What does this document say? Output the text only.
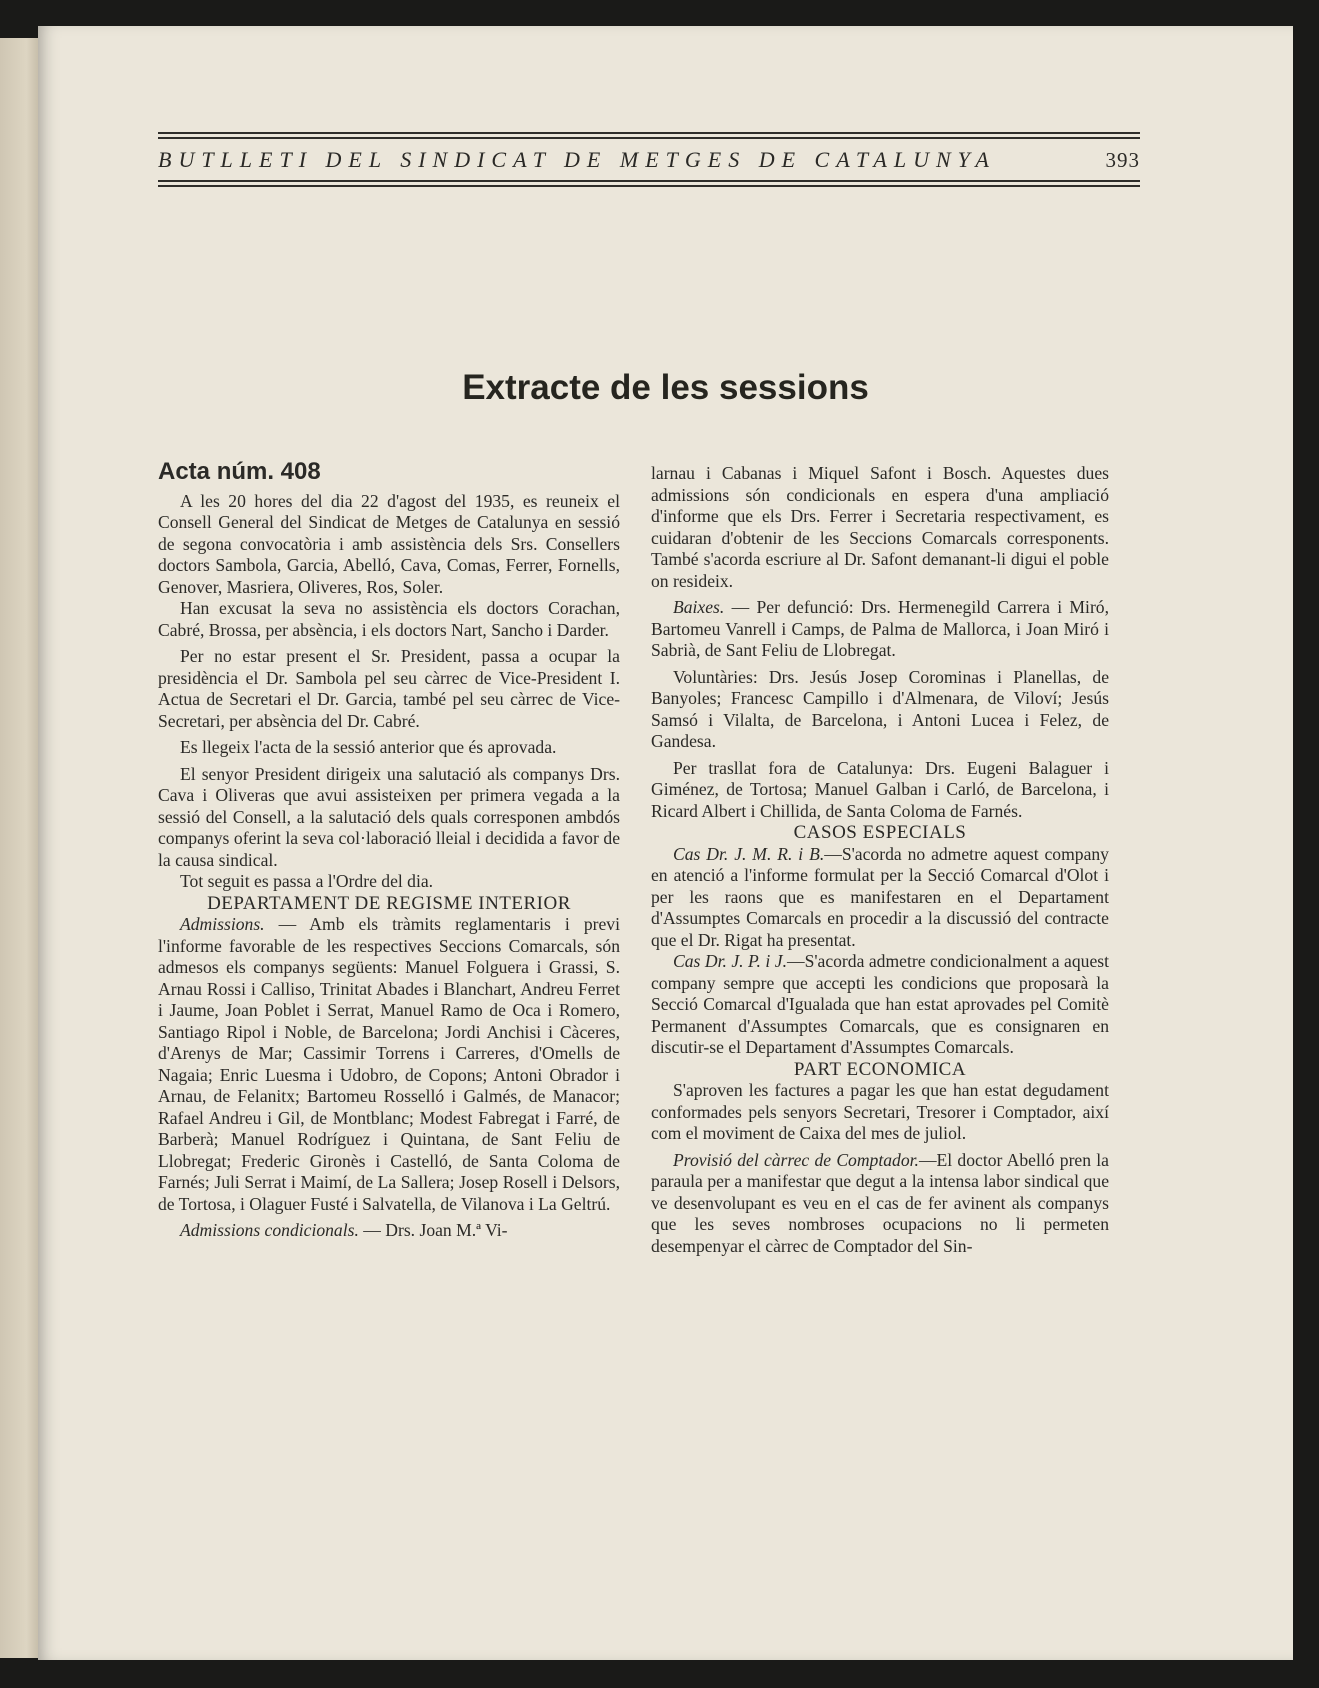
BUTLLETI DEL SINDICAT DE METGES DE CATALUNYA	393
Extracte de les sessions
Acta núm. 408

A les 20 hores del dia 22 d'agost del 1935, es reuneix el Consell General del Sindicat de Metges de Catalunya en sessió de segona convocatòria i amb assistència dels Srs. Consellers doctors Sambola, Garcia, Abelló, Cava, Comas, Ferrer, Fornells, Genover, Masriera, Oliveres, Ros, Soler.

Han excusat la seva no assistència els doctors Corachan, Cabré, Brossa, per absència, i els doctors Nart, Sancho i Darder.

Per no estar present el Sr. President, passa a ocupar la presidència el Dr. Sambola pel seu càrrec de Vice-President I. Actua de Secretari el Dr. Garcia, també pel seu càrrec de Vice-Secretari, per absència del Dr. Cabré.

Es llegeix l'acta de la sessió anterior que és aprovada.

El senyor President dirigeix una salutació als companys Drs. Cava i Oliveras que avui assisteixen per primera vegada a la sessió del Consell, a la salutació dels quals corresponen ambdós companys oferint la seva col·laboració lleial i decidida a favor de la causa sindical.

Tot seguit es passa a l'Ordre del dia.

DEPARTAMENT DE REGISME INTERIOR

Admissions. — Amb els tràmits reglamentaris i previ l'informe favorable de les respectives Seccions Comarcals, són admesos els companys següents: Manuel Folguera i Grassi, S. Arnau Rossi i Calliso, Trinitat Abades i Blanchart, Andreu Ferret i Jaume, Joan Poblet i Serrat, Manuel Ramo de Oca i Romero, Santiago Ripol i Noble, de Barcelona; Jordi Anchisi i Càceres, d'Arenys de Mar; Cassimir Torrens i Carreres, d'Omells de Nagaia; Enric Luesma i Udobro, de Copons; Antoni Obrador i Arnau, de Felanitx; Bartomeu Rosselló i Galmés, de Manacor; Rafael Andreu i Gil, de Montblanc; Modest Fabregat i Farré, de Barberà; Manuel Rodríguez i Quintana, de Sant Feliu de Llobregat; Frederic Gironès i Castelló, de Santa Coloma de Farnés; Juli Serrat i Maimí, de La Sallera; Josep Rosell i Delsors, de Tortosa, i Olaguer Fusté i Salvatella, de Vilanova i La Geltrú.

Admissions condicionals. — Drs. Joan M.ª Vi-

larnau i Cabanas i Miquel Safont i Bosch. Aquestes dues admissions són condicionals en espera d'una ampliació d'informe que els Drs. Ferrer i Secretaria respectivament, es cuidaran d'obtenir de les Seccions Comarcals corresponents. També s'acorda escriure al Dr. Safont demanant-li digui el poble on resideix.

Baixes. — Per defunció: Drs. Hermenegild Carrera i Miró, Bartomeu Vanrell i Camps, de Palma de Mallorca, i Joan Miró i Sabrià, de Sant Feliu de Llobregat.

Voluntàries: Drs. Jesús Josep Corominas i Planellas, de Banyoles; Francesc Campillo i d'Almenara, de Viloví; Jesús Samsó i Vilalta, de Barcelona, i Antoni Lucea i Felez, de Gandesa.

Per trasllat fora de Catalunya: Drs. Eugeni Balaguer i Giménez, de Tortosa; Manuel Galban i Carló, de Barcelona, i Ricard Albert i Chillida, de Santa Coloma de Farnés.

CASOS ESPECIALS

Cas Dr. J. M. R. i B.—S'acorda no admetre aquest company en atenció a l'informe formulat per la Secció Comarcal d'Olot i per les raons que es manifestaren en el Departament d'Assumptes Comarcals en procedir a la discussió del contracte que el Dr. Rigat ha presentat.

Cas Dr. J. P. i J.—S'acorda admetre condicionalment a aquest company sempre que accepti les condicions que proposarà la Secció Comarcal d'Igualada que han estat aprovades pel Comitè Permanent d'Assumptes Comarcals, que es consignaren en discutir-se el Departament d'Assumptes Comarcals.

PART ECONOMICA

S'aproven les factures a pagar les que han estat degudament conformades pels senyors Secretari, Tresorer i Comptador, així com el moviment de Caixa del mes de juliol.

Provisió del càrrec de Comptador.—El doctor Abelló pren la paraula per a manifestar que degut a la intensa labor sindical que ve desenvolupant es veu en el cas de fer avinent als companys que les seves nombroses ocupacions no li permeten desempenyar el càrrec de Comptador del Sin-
